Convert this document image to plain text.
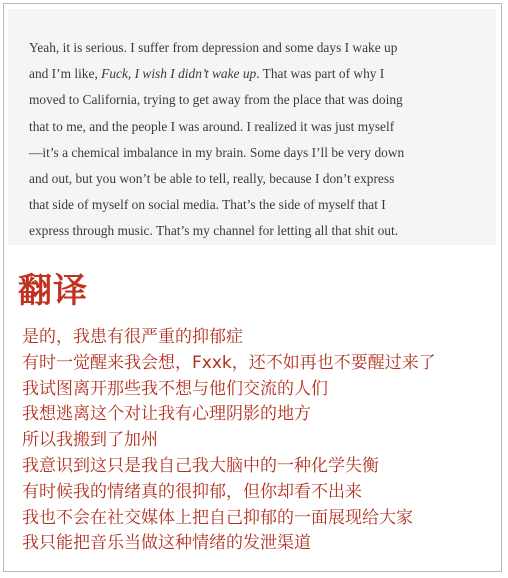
Yeah, it is serious. I suffer from depression and some days I wake up
and I’m like, Fuck, I wish I didn’t wake up. That was part of why I
moved to California, trying to get away from the place that was doing
that to me, and the people I was around. I realized it was just myself
—it’s a chemical imbalance in my brain. Some days I’ll be very down
and out, but you won’t be able to tell, really, because I don’t express
that side of myself on social media. That’s the side of myself that I
express through music. That’s my channel for letting all that shit out.
翻译
是的，我患有很严重的抑郁症
有时一觉醒来我会想，Fxxk，还不如再也不要醒过来了
我试图离开那些我不想与他们交流的人们
我想逃离这个对让我有心理阴影的地方
所以我搬到了加州
我意识到这只是我自己我大脑中的一种化学失衡
有时候我的情绪真的很抑郁，但你却看不出来
我也不会在社交媒体上把自己抑郁的一面展现给大家
我只能把音乐当做这种情绪的发泄渠道
